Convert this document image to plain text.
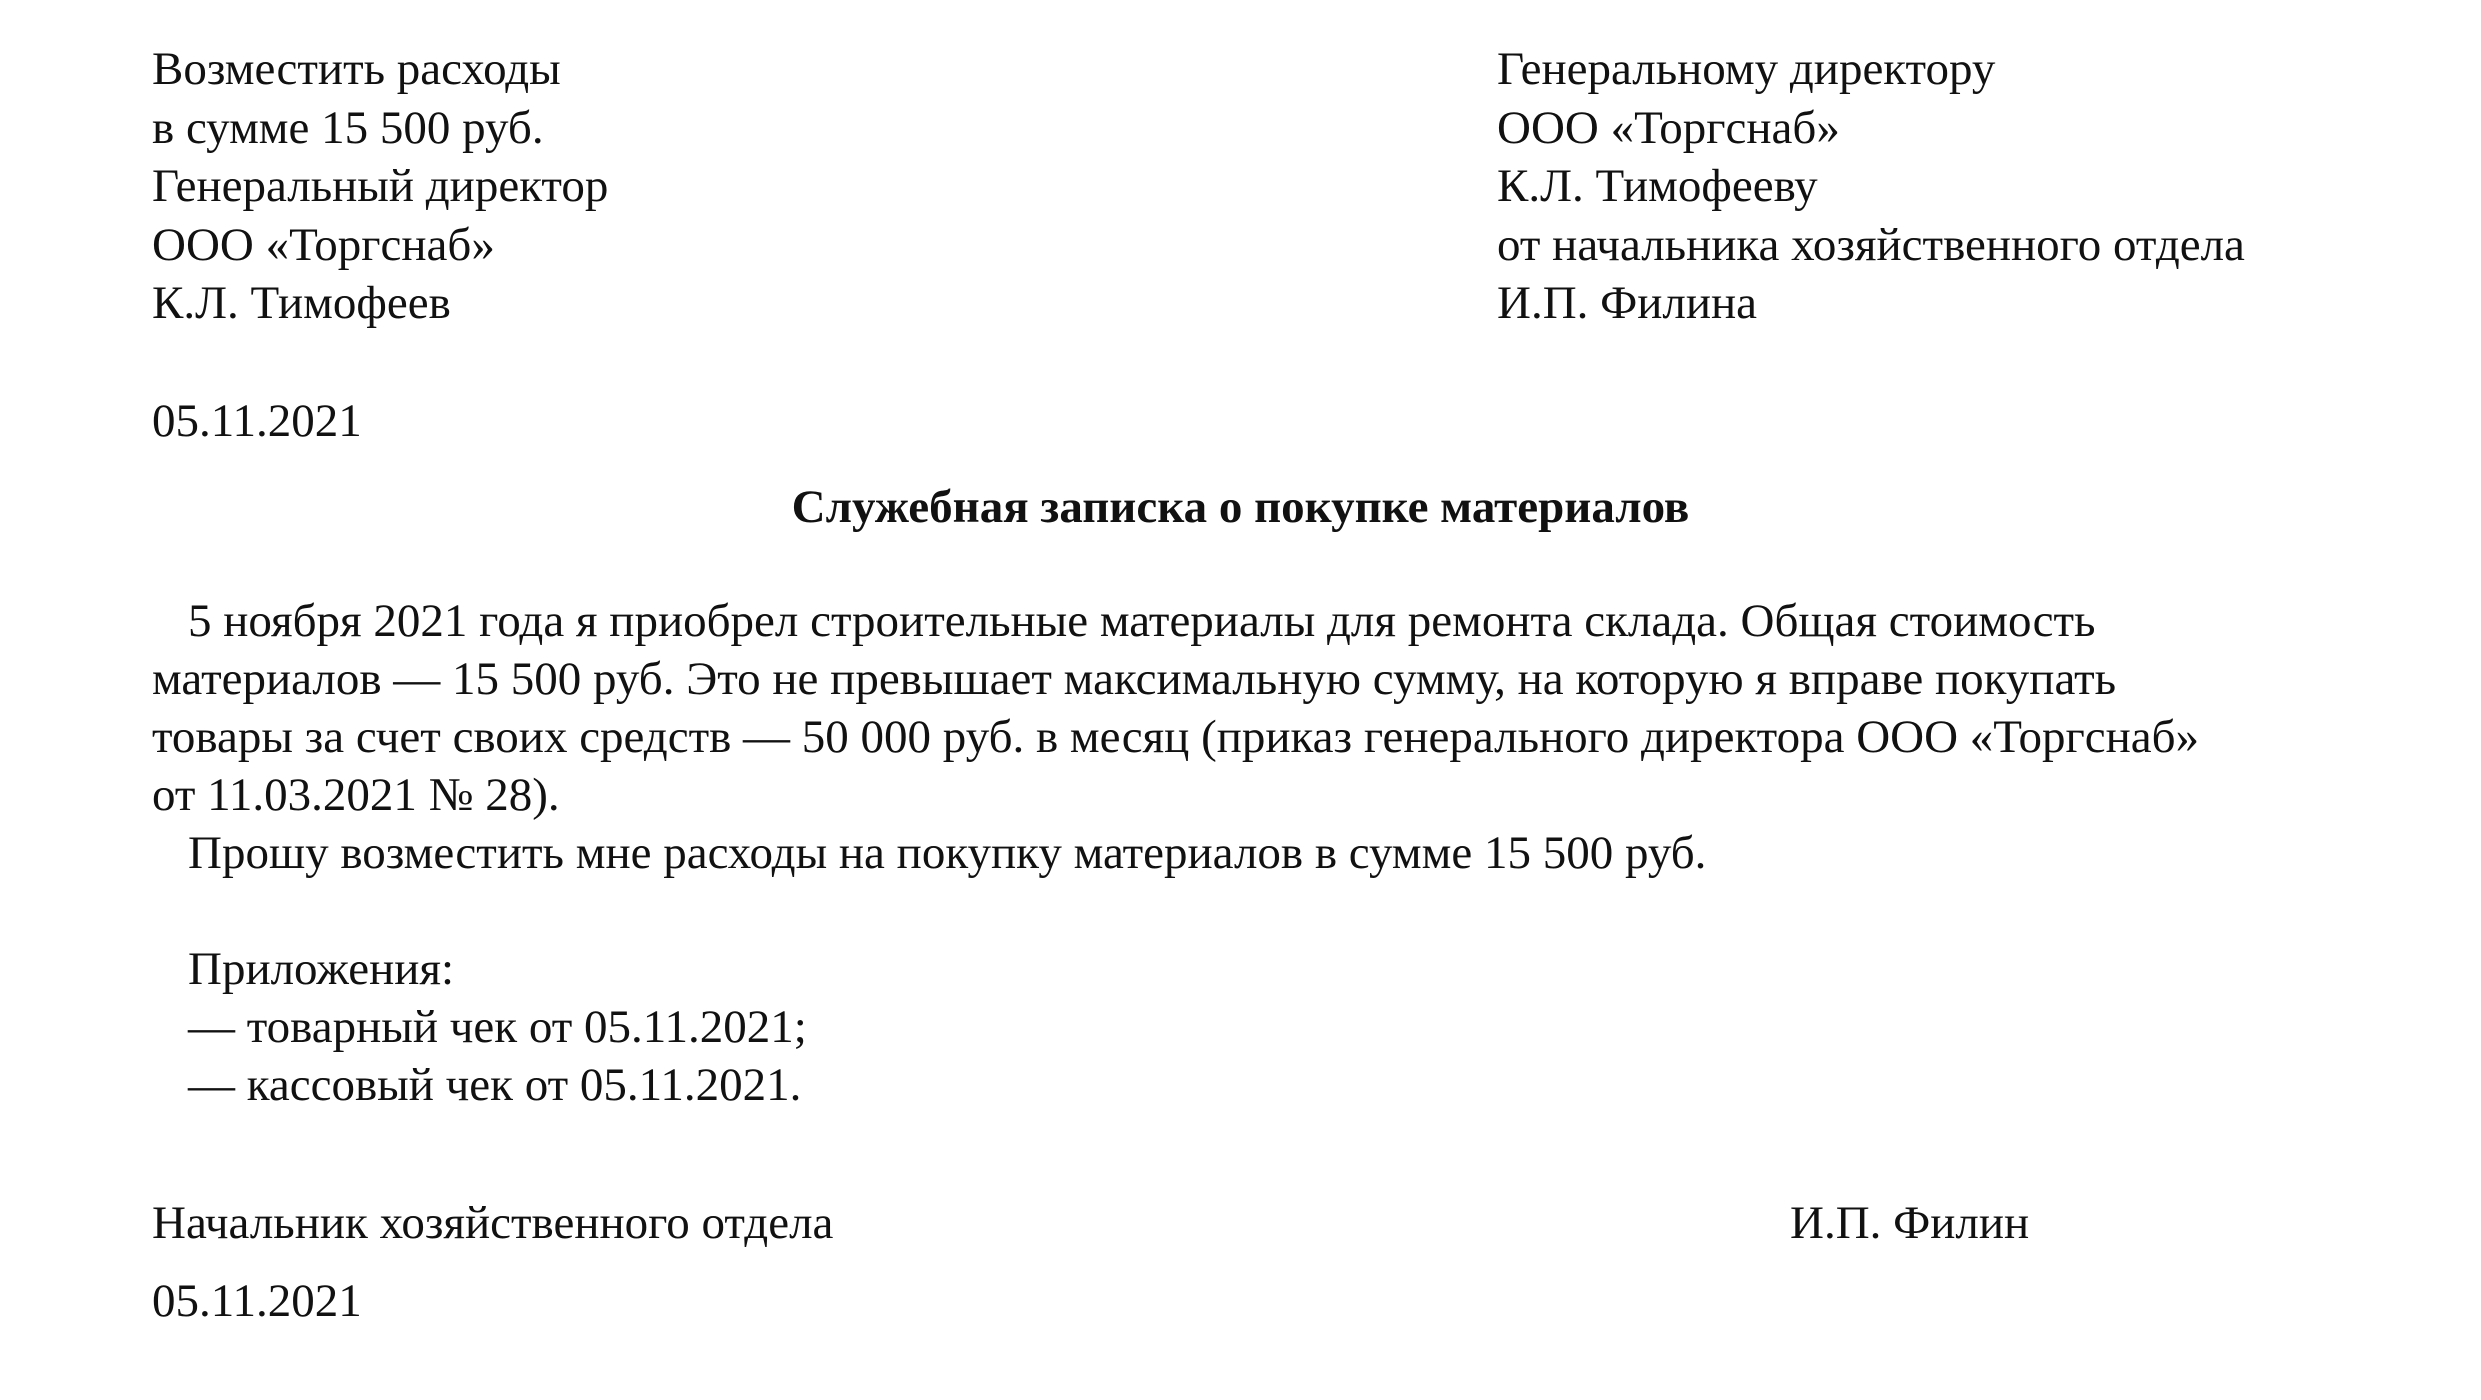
Возместить расходы
в сумме 15 500 руб.
Генеральный директор
ООО «Торгснаб»
К.Л. Тимофеев
Генеральному директору
ООО «Торгснаб»
К.Л. Тимофееву
от начальника хозяйственного отдела
И.П. Филина
05.11.2021
Служебная записка о покупке материалов
5 ноября 2021 года я приобрел строительные материалы для ремонта склада. Общая стоимость
материалов — 15 500 руб. Это не превышает максимальную сумму, на которую я вправе покупать
товары за счет своих средств — 50 000 руб. в месяц (приказ генерального директора ООО «Торгснаб»
от 11.03.2021 № 28).
Прошу возместить мне расходы на покупку материалов в сумме 15 500 руб.
Приложения:
— товарный чек от 05.11.2021;
— кассовый чек от 05.11.2021.
Начальник хозяйственного отдела	И.П. Филин
05.11.2021
